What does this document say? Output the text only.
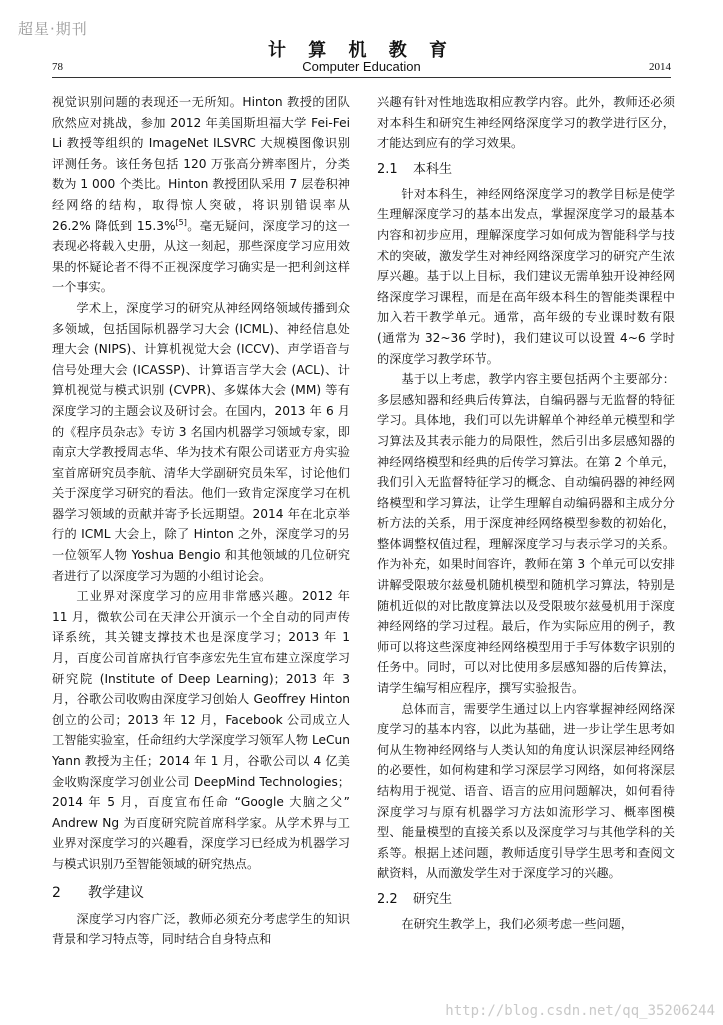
超星·期刊
计 算 机 教 育
78	Computer Education	2014

视觉识别问题的表现还一无所知。Hinton 教授的团队欣然应对挑战，参加 2012 年美国斯坦福大学 Fei-Fei Li 教授等组织的 ImageNet ILSVRC 大规模图像识别评测任务。该任务包括 120 万张高分辨率图片，分类数为 1 000 个类比。Hinton 教授团队采用 7 层卷积神经网络的结构，取得惊人突破，将识别错误率从 26.2% 降低到 15.3%[5]。毫无疑问，深度学习的这一表现必将载入史册，从这一刻起，那些深度学习应用效果的怀疑论者不得不正视深度学习确实是一把利剑这样一个事实。

学术上，深度学习的研究从神经网络领域传播到众多领域，包括国际机器学习大会 (ICML)、神经信息处理大会 (NIPS)、计算机视觉大会 (ICCV)、声学语音与信号处理大会 (ICASSP)、计算语言学大会 (ACL)、计算机视觉与模式识别 (CVPR)、多媒体大会 (MM) 等有深度学习的主题会议及研讨会。在国内，2013 年 6 月的《程序员杂志》专访 3 名国内机器学习领域专家，即南京大学教授周志华、华为技术有限公司诺亚方舟实验室首席研究员李航、清华大学副研究员朱军，讨论他们关于深度学习研究的看法。他们一致肯定深度学习在机器学习领域的贡献并寄予长远期望。2014 年在北京举行的 ICML 大会上，除了 Hinton 之外，深度学习的另一位领军人物 Yoshua Bengio 和其他领域的几位研究者进行了以深度学习为题的小组讨论会。

工业界对深度学习的应用非常感兴趣。2012 年 11 月，微软公司在天津公开演示一个全自动的同声传译系统，其关键支撑技术也是深度学习；2013 年 1 月，百度公司首席执行官李彦宏先生宣布建立深度学习研究院 (Institute of Deep Learning)；2013 年 3 月，谷歌公司收购由深度学习创始人 Geoffrey Hinton 创立的公司；2013 年 12 月，Facebook 公司成立人工智能实验室，任命纽约大学深度学习领军人物 LeCun Yann 教授为主任；2014 年 1 月，谷歌公司以 4 亿美金收购深度学习创业公司 DeepMind Technologies；2014 年 5 月，百度宣布任命 “Google 大脑之父” Andrew Ng 为百度研究院首席科学家。从学术界与工业界对深度学习的兴趣看，深度学习已经成为机器学习与模式识别乃至智能领域的研究热点。

2 教学建议

深度学习内容广泛，教师必须充分考虑学生的知识背景和学习特点等，同时结合自身特点和

兴趣有针对性地选取相应教学内容。此外，教师还必须对本科生和研究生神经网络深度学习的教学进行区分，才能达到应有的学习效果。

2.1 本科生

针对本科生，神经网络深度学习的教学目标是使学生理解深度学习的基本出发点，掌握深度学习的最基本内容和初步应用，理解深度学习如何成为智能科学与技术的突破，激发学生对神经网络深度学习的研究产生浓厚兴趣。基于以上目标，我们建议无需单独开设神经网络深度学习课程，而是在高年级本科生的智能类课程中加入若干教学单元。通常，高年级的专业课时数有限 (通常为 32~36 学时)，我们建议可以设置 4~6 学时的深度学习教学环节。

基于以上考虑，教学内容主要包括两个主要部分：多层感知器和经典后传算法，自编码器与无监督的特征学习。具体地，我们可以先讲解单个神经单元模型和学习算法及其表示能力的局限性，然后引出多层感知器的神经网络模型和经典的后传学习算法。在第 2 个单元，我们引入无监督特征学习的概念、自动编码器的神经网络模型和学习算法，让学生理解自动编码器和主成分分析方法的关系，用于深度神经网络模型参数的初始化，整体调整权值过程，理解深度学习与表示学习的关系。作为补充，如果时间容许，教师在第 3 个单元可以安排讲解受限玻尔兹曼机随机模型和随机学习算法，特别是随机近似的对比散度算法以及受限玻尔兹曼机用于深度神经网络的学习过程。最后，作为实际应用的例子，教师可以将这些深度神经网络模型用于手写体数字识别的任务中。同时，可以对比使用多层感知器的后传算法，请学生编写相应程序，撰写实验报告。

总体而言，需要学生通过以上内容掌握神经网络深度学习的基本内容，以此为基础，进一步让学生思考如何从生物神经网络与人类认知的角度认识深层神经网络的必要性，如何构建和学习深层学习网络，如何将深层结构用于视觉、语音、语言的应用问题解决，如何看待深度学习与原有机器学习方法如流形学习、概率图模型、能量模型的直接关系以及深度学习与其他学科的关系等。根据上述问题，教师适度引导学生思考和查阅文献资料，从而激发学生对于深度学习的兴趣。

2.2 研究生

在研究生教学上，我们必须考虑一些问题，

http://blog.csdn.net/qq_35206244
